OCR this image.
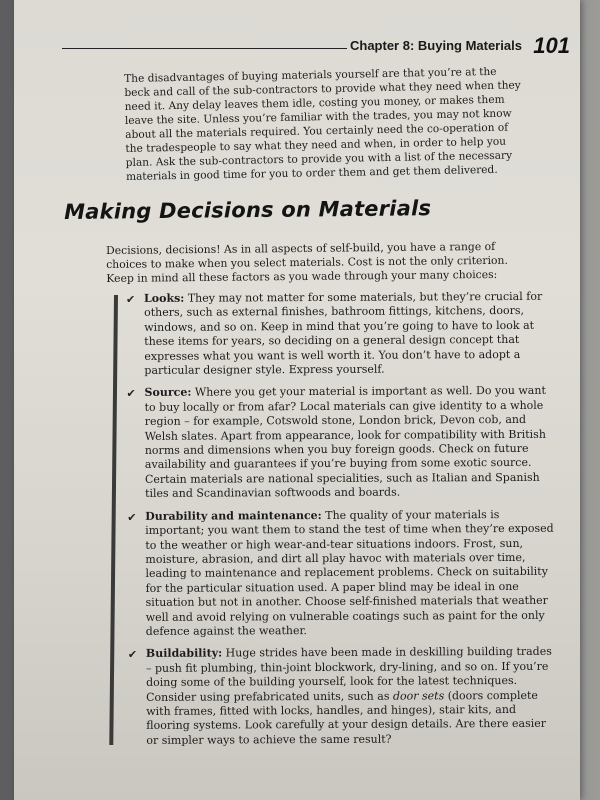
Chapter 8: Buying Materials 101

The disadvantages of buying materials yourself are that you’re at the beck and call of the sub-contractors to provide what they need when they need it. Any delay leaves them idle, costing you money, or makes them leave the site. Unless you’re familiar with the trades, you may not know about all the materials required. You certainly need the co-operation of the tradespeople to say what they need and when, in order to help you plan. Ask the sub-contractors to provide you with a list of the necessary materials in good time for you to order them and get them delivered.

Making Decisions on Materials

Decisions, decisions! As in all aspects of self-build, you have a range of choices to make when you select materials. Cost is not the only criterion. Keep in mind all these factors as you wade through your many choices:

✔ Looks: They may not matter for some materials, but they’re crucial for others, such as external finishes, bathroom fittings, kitchens, doors, windows, and so on. Keep in mind that you’re going to have to look at these items for years, so deciding on a general design concept that expresses what you want is well worth it. You don’t have to adopt a particular designer style. Express yourself.
✔ Source: Where you get your material is important as well. Do you want to buy locally or from afar? Local materials can give identity to a whole region – for example, Cotswold stone, London brick, Devon cob, and Welsh slates. Apart from appearance, look for compatibility with British norms and dimensions when you buy foreign goods. Check on future availability and guarantees if you’re buying from some exotic source. Certain materials are national specialities, such as Italian and Spanish tiles and Scandinavian softwoods and boards.
✔ Durability and maintenance: The quality of your materials is important; you want them to stand the test of time when they’re exposed to the weather or high wear-and-tear situations indoors. Frost, sun, moisture, abrasion, and dirt all play havoc with materials over time, leading to maintenance and replacement problems. Check on suitability for the particular situation used. A paper blind may be ideal in one situation but not in another. Choose self-finished materials that weather well and avoid relying on vulnerable coatings such as paint for the only defence against the weather.
✔ Buildability: Huge strides have been made in deskilling building trades – push fit plumbing, thin-joint blockwork, dry-lining, and so on. If you’re doing some of the building yourself, look for the latest techniques. Consider using prefabricated units, such as door sets (doors complete with frames, fitted with locks, handles, and hinges), stair kits, and flooring systems. Look carefully at your design details. Are there easier or simpler ways to achieve the same result?
